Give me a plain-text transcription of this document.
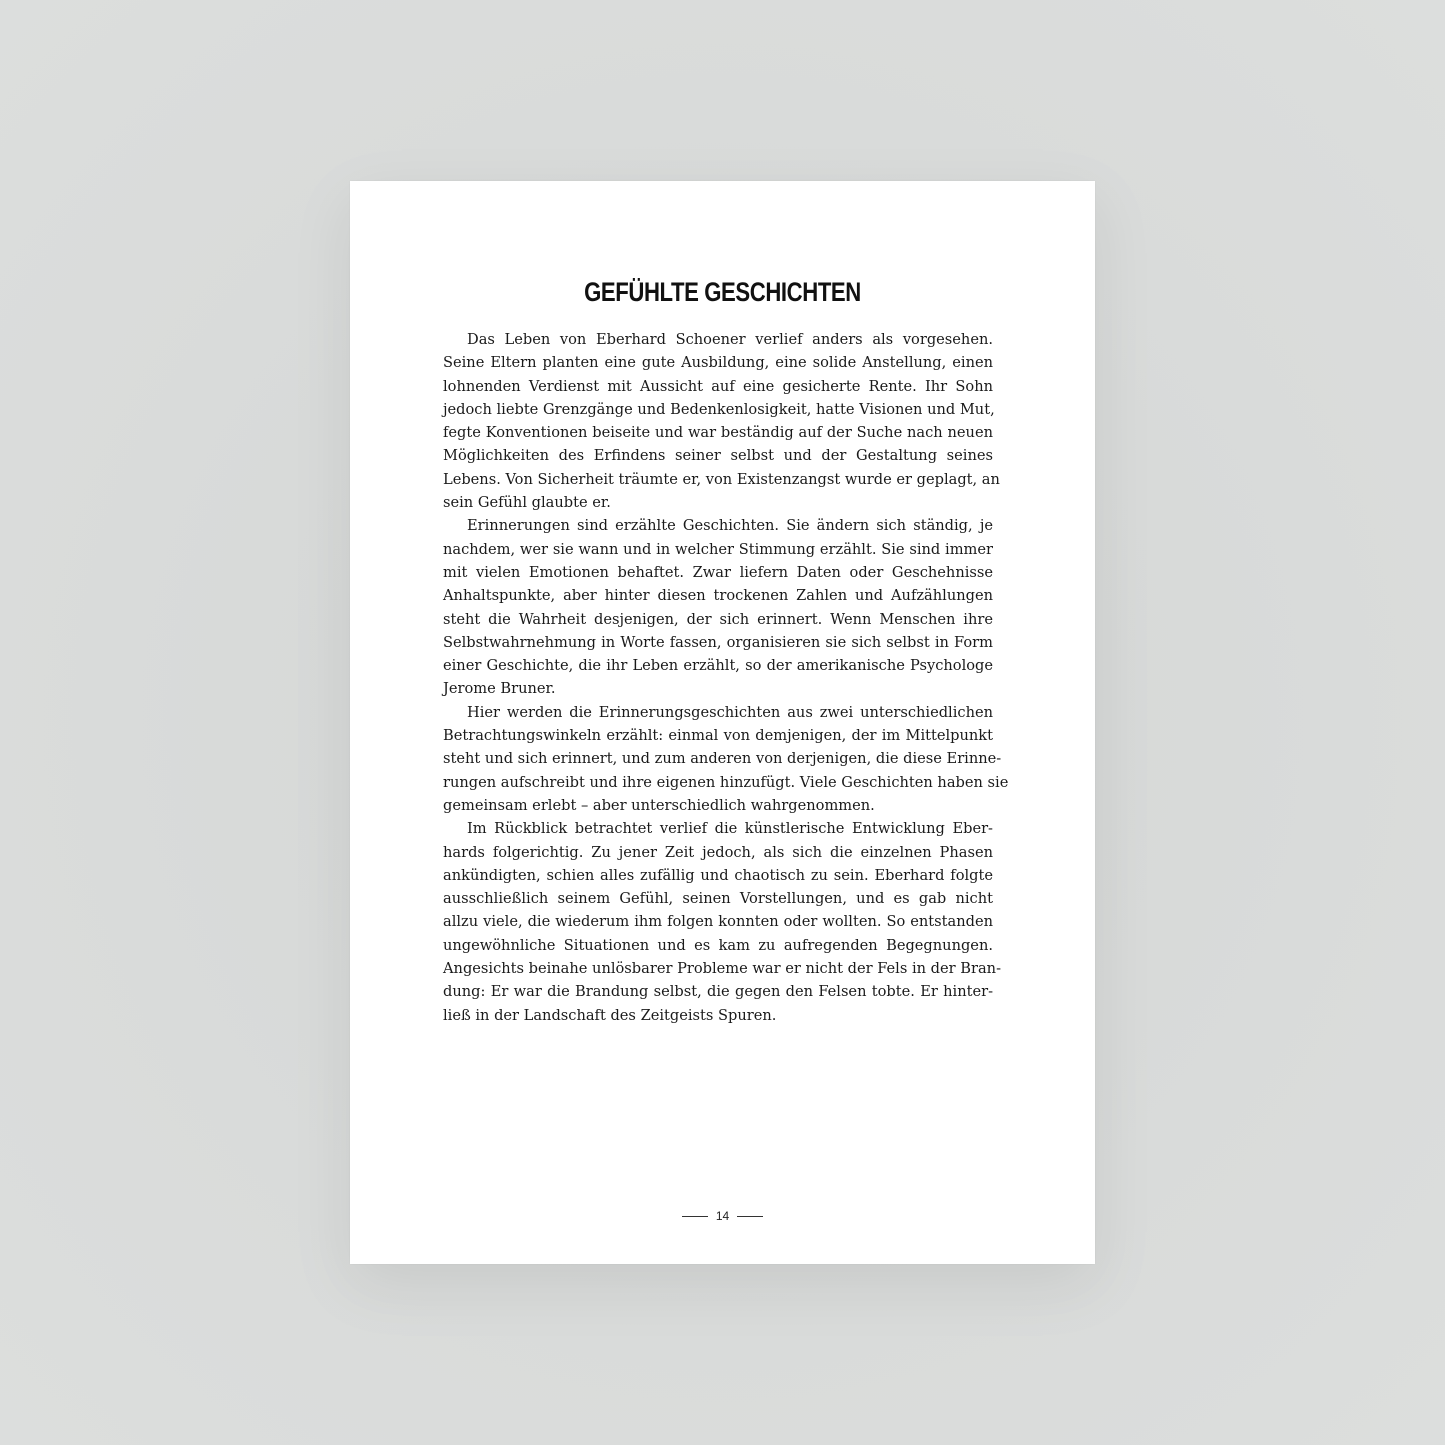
GEFÜHLTE GESCHICHTEN
Das Leben von Eberhard Schoener verlief anders als vorgesehen.
Seine Eltern planten eine gute Ausbildung, eine solide Anstellung, einen
lohnenden Verdienst mit Aussicht auf eine gesicherte Rente. Ihr Sohn
jedoch liebte Grenzgänge und Bedenkenlosigkeit, hatte Visionen und Mut,
fegte Konventionen beiseite und war beständig auf der Suche nach neuen
Möglichkeiten des Erfindens seiner selbst und der Gestaltung seines
Lebens. Von Sicherheit träumte er, von Existenzangst wurde er geplagt, an
sein Gefühl glaubte er.
Erinnerungen sind erzählte Geschichten. Sie ändern sich ständig, je
nachdem, wer sie wann und in welcher Stimmung erzählt. Sie sind immer
mit vielen Emotionen behaftet. Zwar liefern Daten oder Geschehnisse
Anhaltspunkte, aber hinter diesen trockenen Zahlen und Aufzählungen
steht die Wahrheit desjenigen, der sich erinnert. Wenn Menschen ihre
Selbstwahrnehmung in Worte fassen, organisieren sie sich selbst in Form
einer Geschichte, die ihr Leben erzählt, so der amerikanische Psychologe
Jerome Bruner.
Hier werden die Erinnerungsgeschichten aus zwei unterschiedlichen
Betrachtungswinkeln erzählt: einmal von demjenigen, der im Mittelpunkt
steht und sich erinnert, und zum anderen von derjenigen, die diese Erinne-
rungen aufschreibt und ihre eigenen hinzufügt. Viele Geschichten haben sie
gemeinsam erlebt – aber unterschiedlich wahrgenommen.
Im Rückblick betrachtet verlief die künstlerische Entwicklung Eber-
hards folgerichtig. Zu jener Zeit jedoch, als sich die einzelnen Phasen
ankündigten, schien alles zufällig und chaotisch zu sein. Eberhard folgte
ausschließlich seinem Gefühl, seinen Vorstellungen, und es gab nicht
allzu viele, die wiederum ihm folgen konnten oder wollten. So entstanden
ungewöhnliche Situationen und es kam zu aufregenden Begegnungen.
Angesichts beinahe unlösbarer Probleme war er nicht der Fels in der Bran-
dung: Er war die Brandung selbst, die gegen den Felsen tobte. Er hinter-
ließ in der Landschaft des Zeitgeists Spuren.
14
